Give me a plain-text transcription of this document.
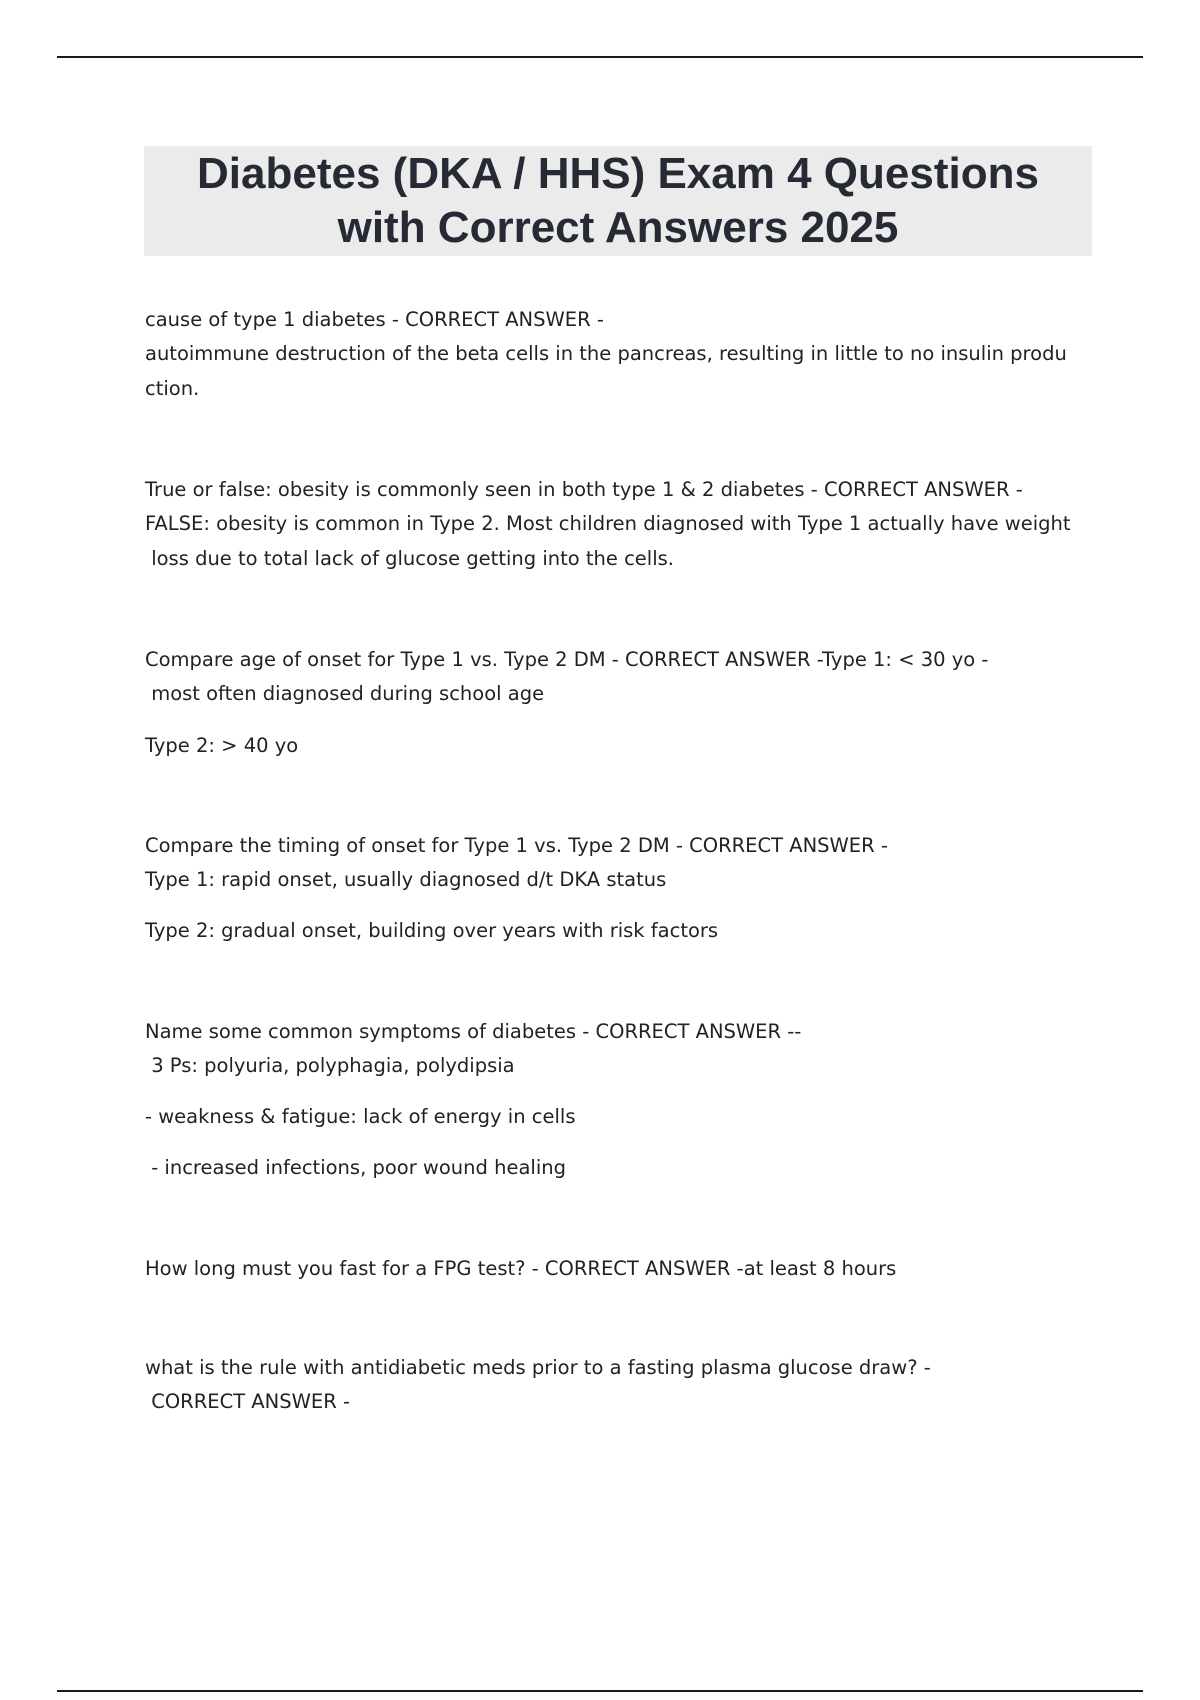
Diabetes (DKA / HHS) Exam 4 Questions
with Correct Answers 2025
cause of type 1 diabetes - CORRECT ANSWER -
autoimmune destruction of the beta cells in the pancreas, resulting in little to no insulin produ
ction.
True or false: obesity is commonly seen in both type 1 & 2 diabetes - CORRECT ANSWER -
FALSE: obesity is common in Type 2. Most children diagnosed with Type 1 actually have weight
loss due to total lack of glucose getting into the cells.
Compare age of onset for Type 1 vs. Type 2 DM - CORRECT ANSWER -Type 1: < 30 yo -
most often diagnosed during school age
Type 2: > 40 yo
Compare the timing of onset for Type 1 vs. Type 2 DM - CORRECT ANSWER -
Type 1: rapid onset, usually diagnosed d/t DKA status
Type 2: gradual onset, building over years with risk factors
Name some common symptoms of diabetes - CORRECT ANSWER --
3 Ps: polyuria, polyphagia, polydipsia
- weakness & fatigue: lack of energy in cells
- increased infections, poor wound healing
How long must you fast for a FPG test? - CORRECT ANSWER -at least 8 hours
what is the rule with antidiabetic meds prior to a fasting plasma glucose draw? -
CORRECT ANSWER -
